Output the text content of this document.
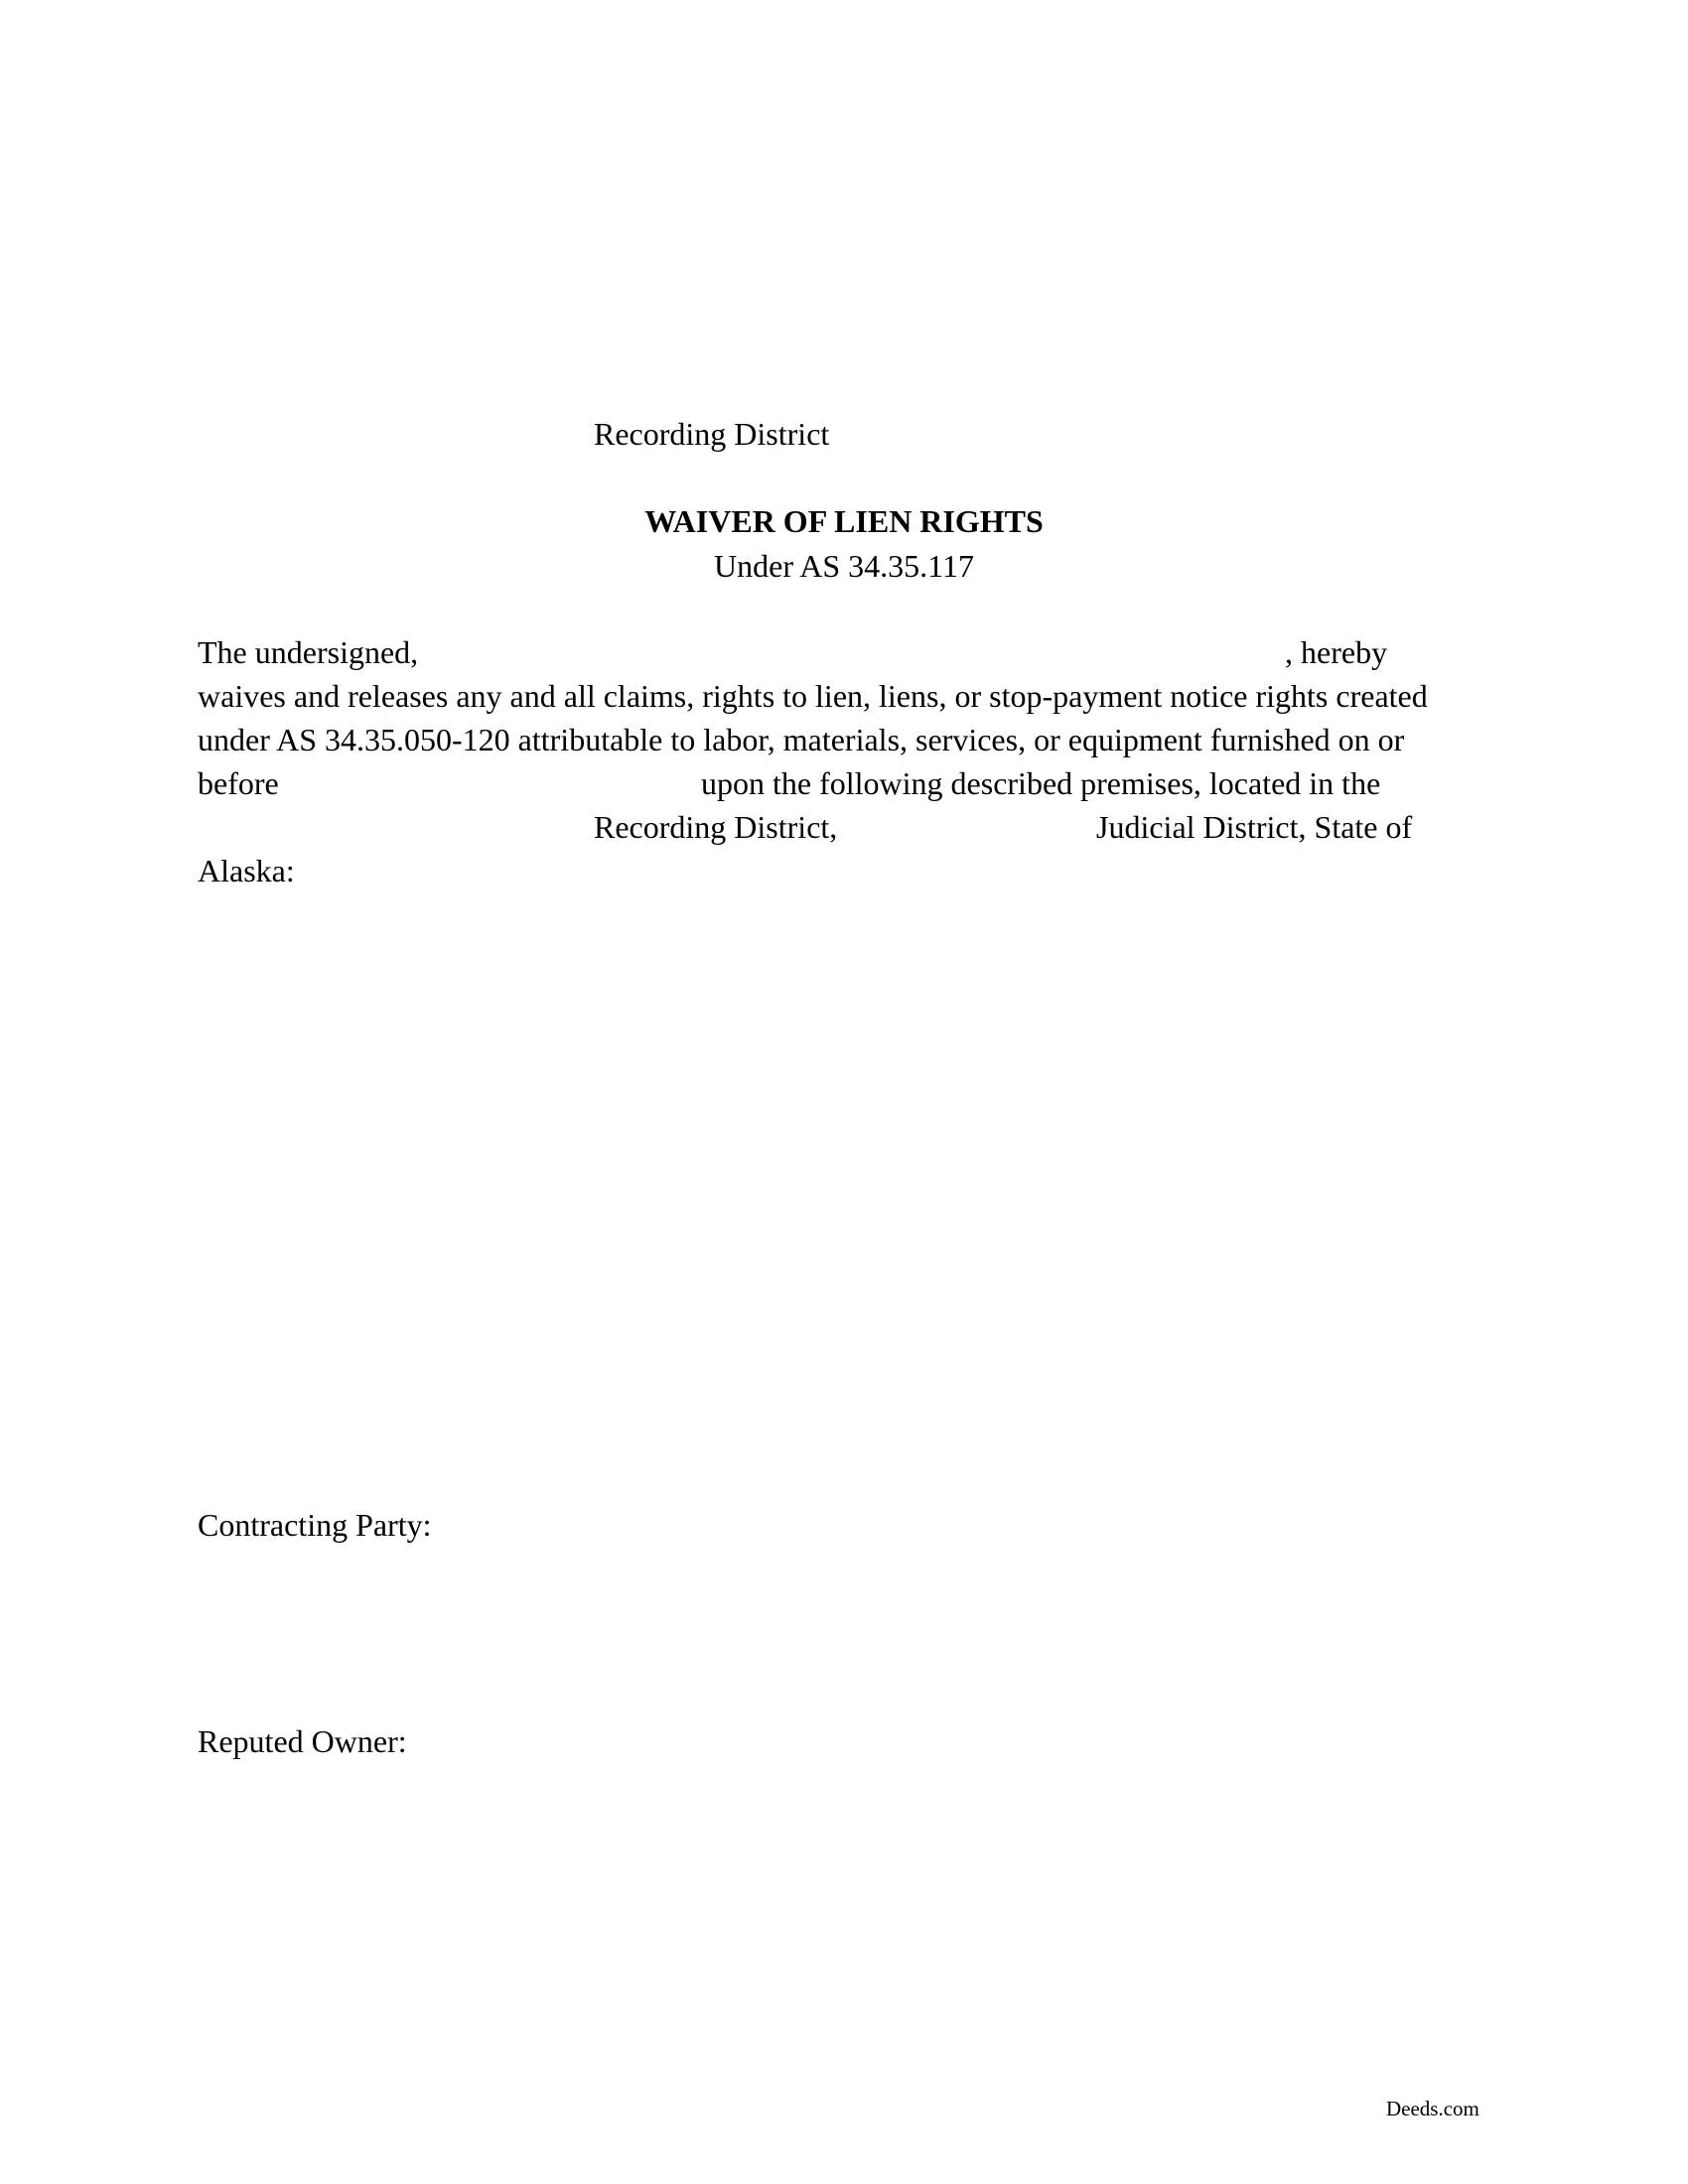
Recording District
WAIVER OF LIEN RIGHTS
Under AS 34.35.117
The undersigned,	, hereby
waives and releases any and all claims, rights to lien, liens, or stop-payment notice rights created
under AS 34.35.050-120 attributable to labor, materials, services, or equipment furnished on or
before	upon the following described premises, located in the
Recording District,	Judicial District, State of
Alaska:
Contracting Party:
Reputed Owner:
Deeds.com
